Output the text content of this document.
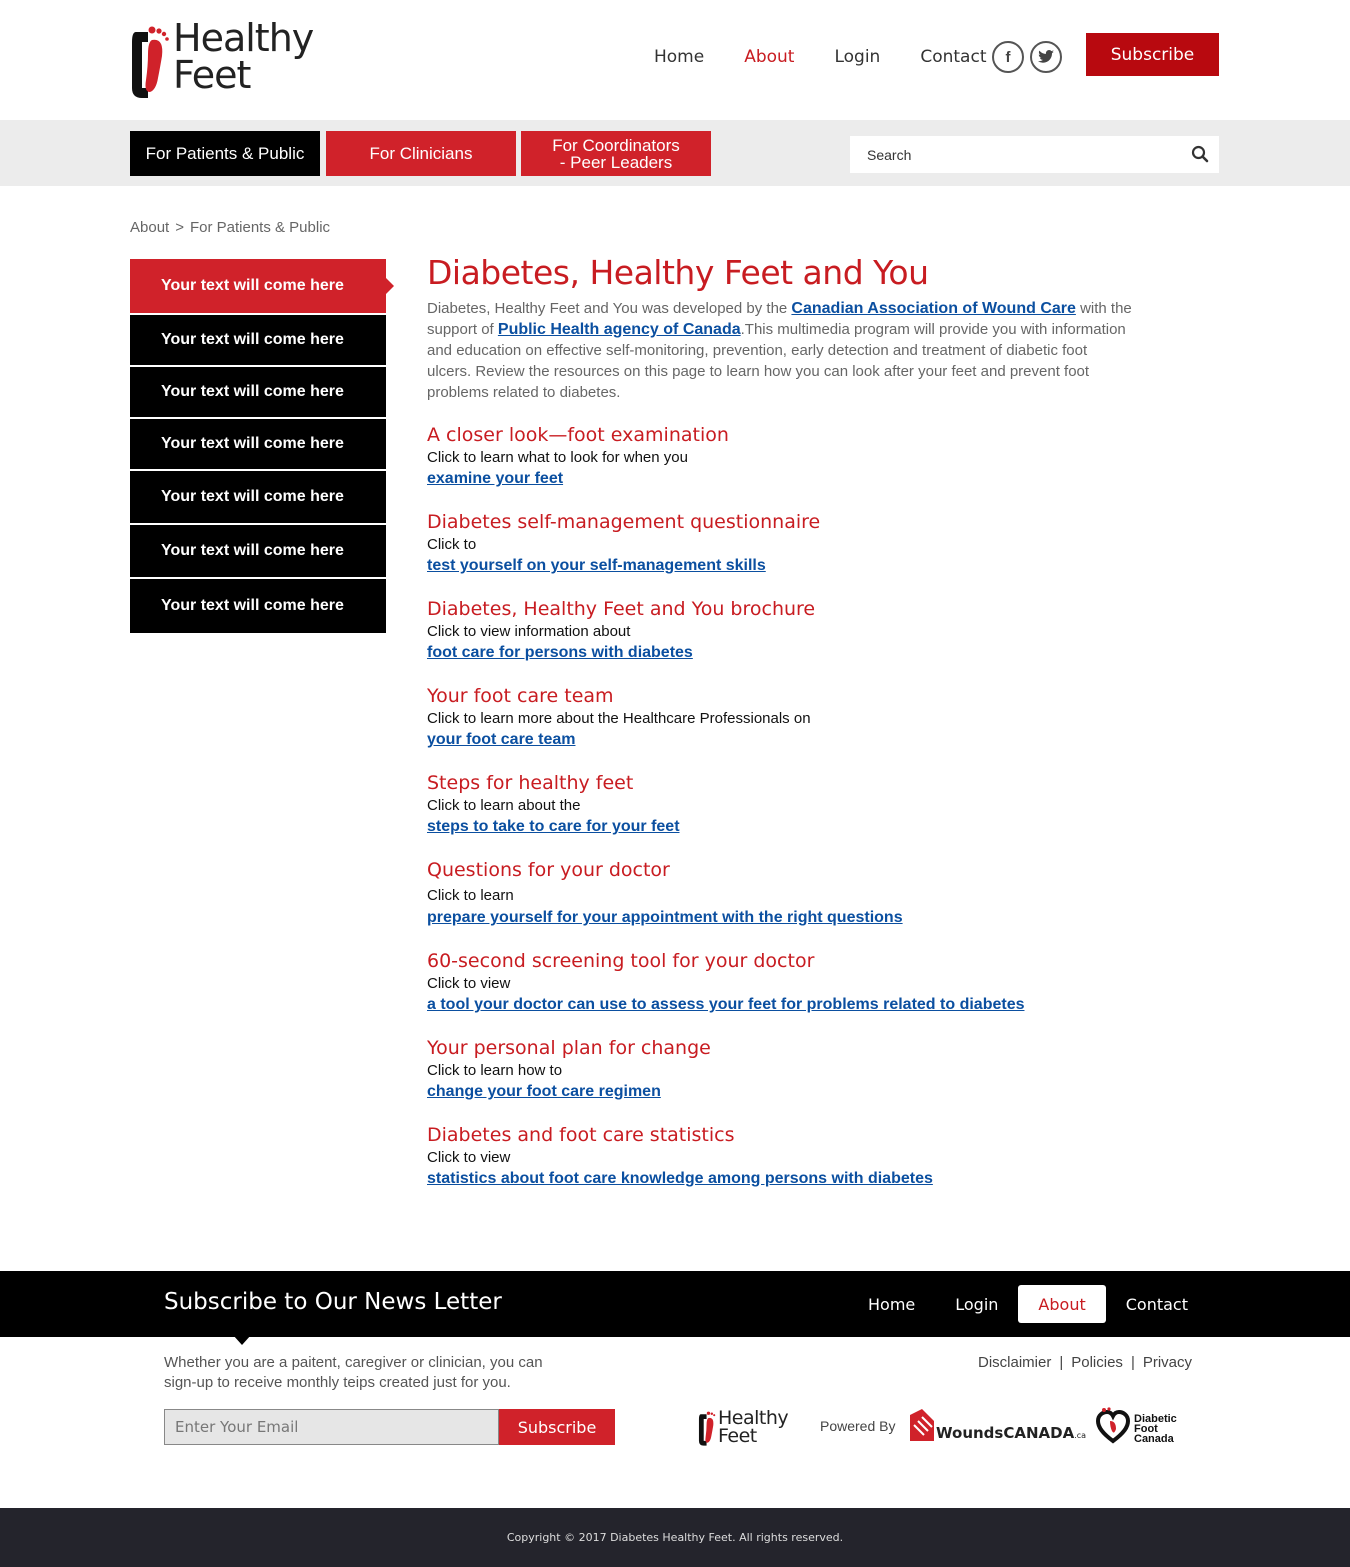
Healthy
Feet	Home About Login Contact	f	Subscribe
For Patients & Public	For Clinicians	For Coordinators
- Peer Leaders
Search
About > For Patients & Public
Your text will come here
Your text will come here
Your text will come here
Your text will come here
Your text will come here
Your text will come here
Your text will come here
Diabetes, Healthy Feet and You

Diabetes, Healthy Feet and You was developed by the Canadian Association of Wound Care with the support of Public Health agency of Canada.This multimedia program will provide you with information and education on effective self-monitoring, prevention, early detection and treatment of diabetic foot ulcers. Review the resources on this page to learn how you can look after your feet and prevent foot problems related to diabetes.

A closer look—foot examination

Click to learn what to look for when you

examine your feet
Diabetes self-management questionnaire

Click to

test yourself on your self-management skills
Diabetes, Healthy Feet and You brochure

Click to view information about

foot care for persons with diabetes
Your foot care team

Click to learn more about the Healthcare Professionals on

your foot care team
Steps for healthy feet

Click to learn about the

steps to take to care for your feet
Questions for your doctor

Click to learn

prepare yourself for your appointment with the right questions
60-second screening tool for your doctor

Click to view

a tool your doctor can use to assess your feet for problems related to diabetes
Your personal plan for change

Click to learn how to

change your foot care regimen
Diabetes and foot care statistics

Click to view

statistics about foot care knowledge among persons with diabetes
Subscribe to Our News Letter	Home	Login	About	Contact

Whether you are a paitent, caregiver or clinician, you can sign-up to receive monthly teips created just for you.

Disclaimier | Policies | Privacy
Enter Your Email
Subscribe	Healthy Feet	Powered By	WoundsCANADA.ca
Diabetic
Foot
Canada
Copyright © 2017 Diabetes Healthy Feet. All rights reserved.
